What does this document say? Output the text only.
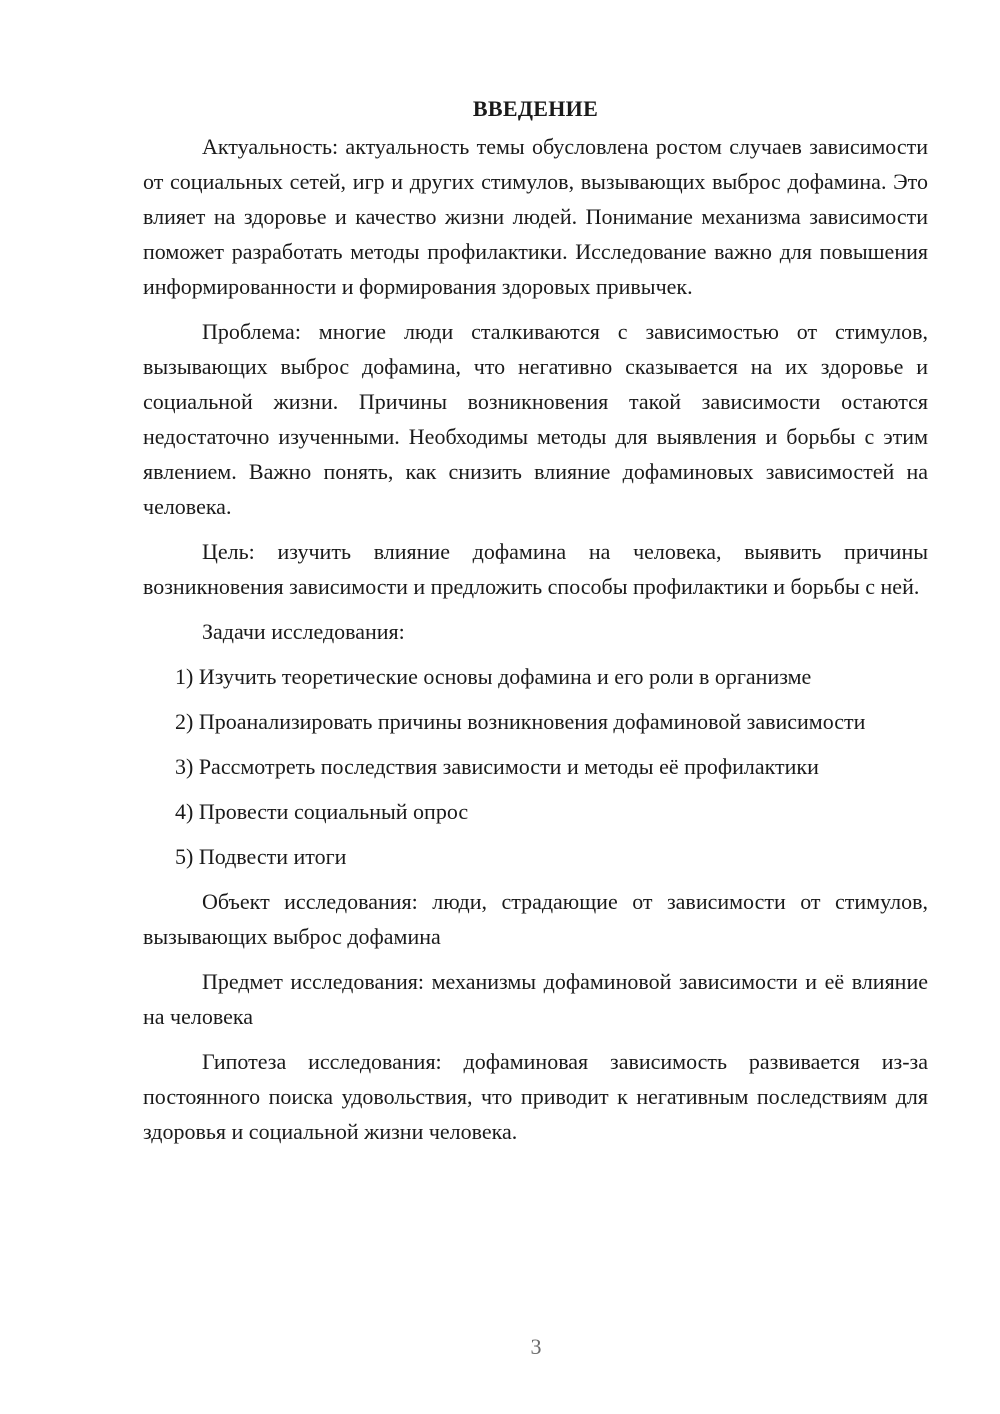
ВВЕДЕНИЕ

Актуальность: актуальность темы обусловлена ростом случаев зависимости от социальных сетей, игр и других стимулов, вызывающих выброс дофамина. Это влияет на здоровье и качество жизни людей. Понимание механизма зависимости поможет разработать методы профилактики. Исследование важно для повышения информированности и формирования здоровых привычек.

Проблема: многие люди сталкиваются с зависимостью от стимулов, вызывающих выброс дофамина, что негативно сказывается на их здоровье и социальной жизни. Причины возникновения такой зависимости остаются недостаточно изученными. Необходимы методы для выявления и борьбы с этим явлением. Важно понять, как снизить влияние дофаминовых зависимостей на человека.

Цель: изучить влияние дофамина на человека, выявить причины возникновения зависимости и предложить способы профилактики и борьбы с ней.

Задачи исследования:

1) Изучить теоретические основы дофамина и его роли в организме

2) Проанализировать причины возникновения дофаминовой зависимости

3) Рассмотреть последствия зависимости и методы её профилактики

4) Провести социальный опрос

5) Подвести итоги

Объект исследования: люди, страдающие от зависимости от стимулов, вызывающих выброс дофамина

Предмет исследования: механизмы дофаминовой зависимости и её влияние на человека

Гипотеза исследования: дофаминовая зависимость развивается из-за постоянного поиска удовольствия, что приводит к негативным последствиям для здоровья и социальной жизни человека.

3
